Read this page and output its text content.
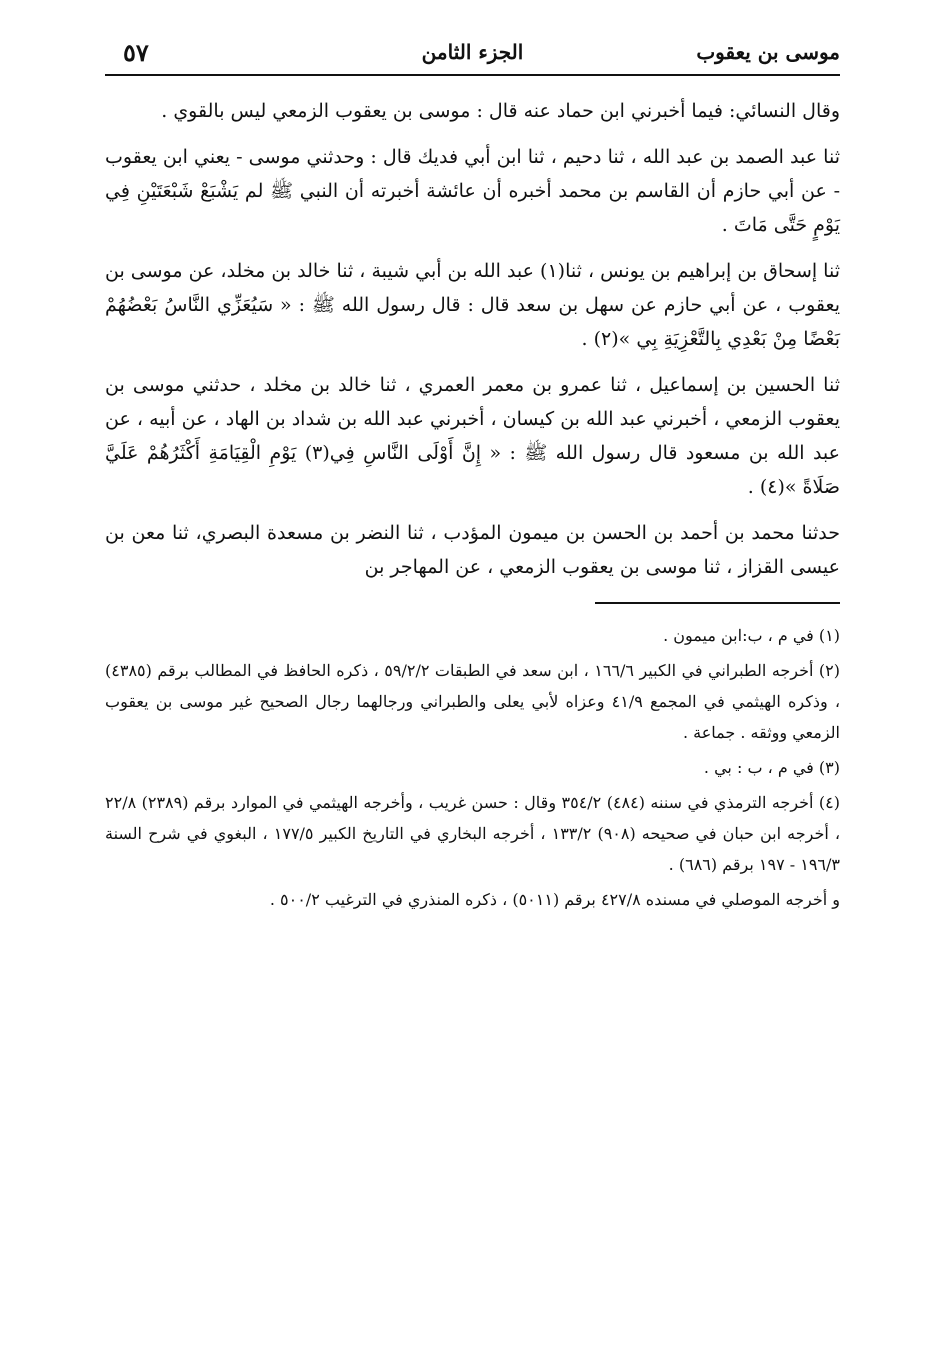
موسى بن يعقوب
الجزء الثامن
٥٧

وقال النسائي: فيما أخبرني ابن حماد عنه قال : موسى بن يعقوب الزمعي ليس بالقوي .

ثنا عبد الصمد بن عبد الله ، ثنا دحيم ، ثنا ابن أبي فديك قال : وحدثني موسى - يعني ابن يعقوب - عن أبي حازم أن القاسم بن محمد أخبره أن عائشة أخبرته أن النبي ﷺ لم يَشْبَعْ شَبْعَتَيْنِ فِي يَوْمٍ حَتَّى مَاتَ .

ثنا إسحاق بن إبراهيم بن يونس ، ثنا(١) عبد الله بن أبي شيبة ، ثنا خالد بن مخلد، عن موسى بن يعقوب ، عن أبي حازم عن سهل بن سعد قال : قال رسول الله ﷺ : « سَيُعَزِّي النَّاسُ بَعْضُهُمْ بَعْضًا مِنْ بَعْدِي بِالتَّعْزِيَةِ بِي »(٢) .

ثنا الحسين بن إسماعيل ، ثنا عمرو بن معمر العمري ، ثنا خالد بن مخلد ، حدثني موسى بن يعقوب الزمعي ، أخبرني عبد الله بن كيسان ، أخبرني عبد الله بن شداد بن الهاد ، عن أبيه ، عن عبد الله بن مسعود قال رسول الله ﷺ : « إِنَّ أَوْلَى النَّاسِ فِي(٣) يَوْمِ الْقِيَامَةِ أَكْثَرُهُمْ عَلَيَّ صَلَاةً »(٤) .

حدثنا محمد بن أحمد بن الحسن بن ميمون المؤدب ، ثنا النضر بن مسعدة البصري، ثنا معن بن عيسى القزاز ، ثنا موسى بن يعقوب الزمعي ، عن المهاجر بن

(١) في م ، ب:ابن ميمون .

(٢) أخرجه الطبراني في الكبير ١٦٦/٦ ، ابن سعد في الطبقات ٥٩/٢/٢ ، ذكره الحافظ في المطالب برقم (٤٣٨٥) ، وذكره الهيثمي في المجمع ٤١/٩ وعزاه لأبي يعلى والطبراني ورجالهما رجال الصحيح غير موسى بن يعقوب الزمعي ووثقه . جماعة .

(٣) في م ، ب : بي .

(٤) أخرجه الترمذي في سننه (٤٨٤) ٣٥٤/٢ وقال : حسن غريب ، وأخرجه الهيثمي في الموارد برقم (٢٣٨٩) ٢٢/٨ ، أخرجه ابن حبان في صحيحه (٩٠٨) ١٣٣/٢ ، أخرجه البخاري في التاريخ الكبير ١٧٧/٥ ، البغوي في شرح السنة ١٩٦/٣ - ١٩٧ برقم (٦٨٦) .

و أخرجه الموصلي في مسنده ٤٢٧/٨ برقم (٥٠١١) ، ذكره المنذري في الترغيب ٥٠٠/٢ .
